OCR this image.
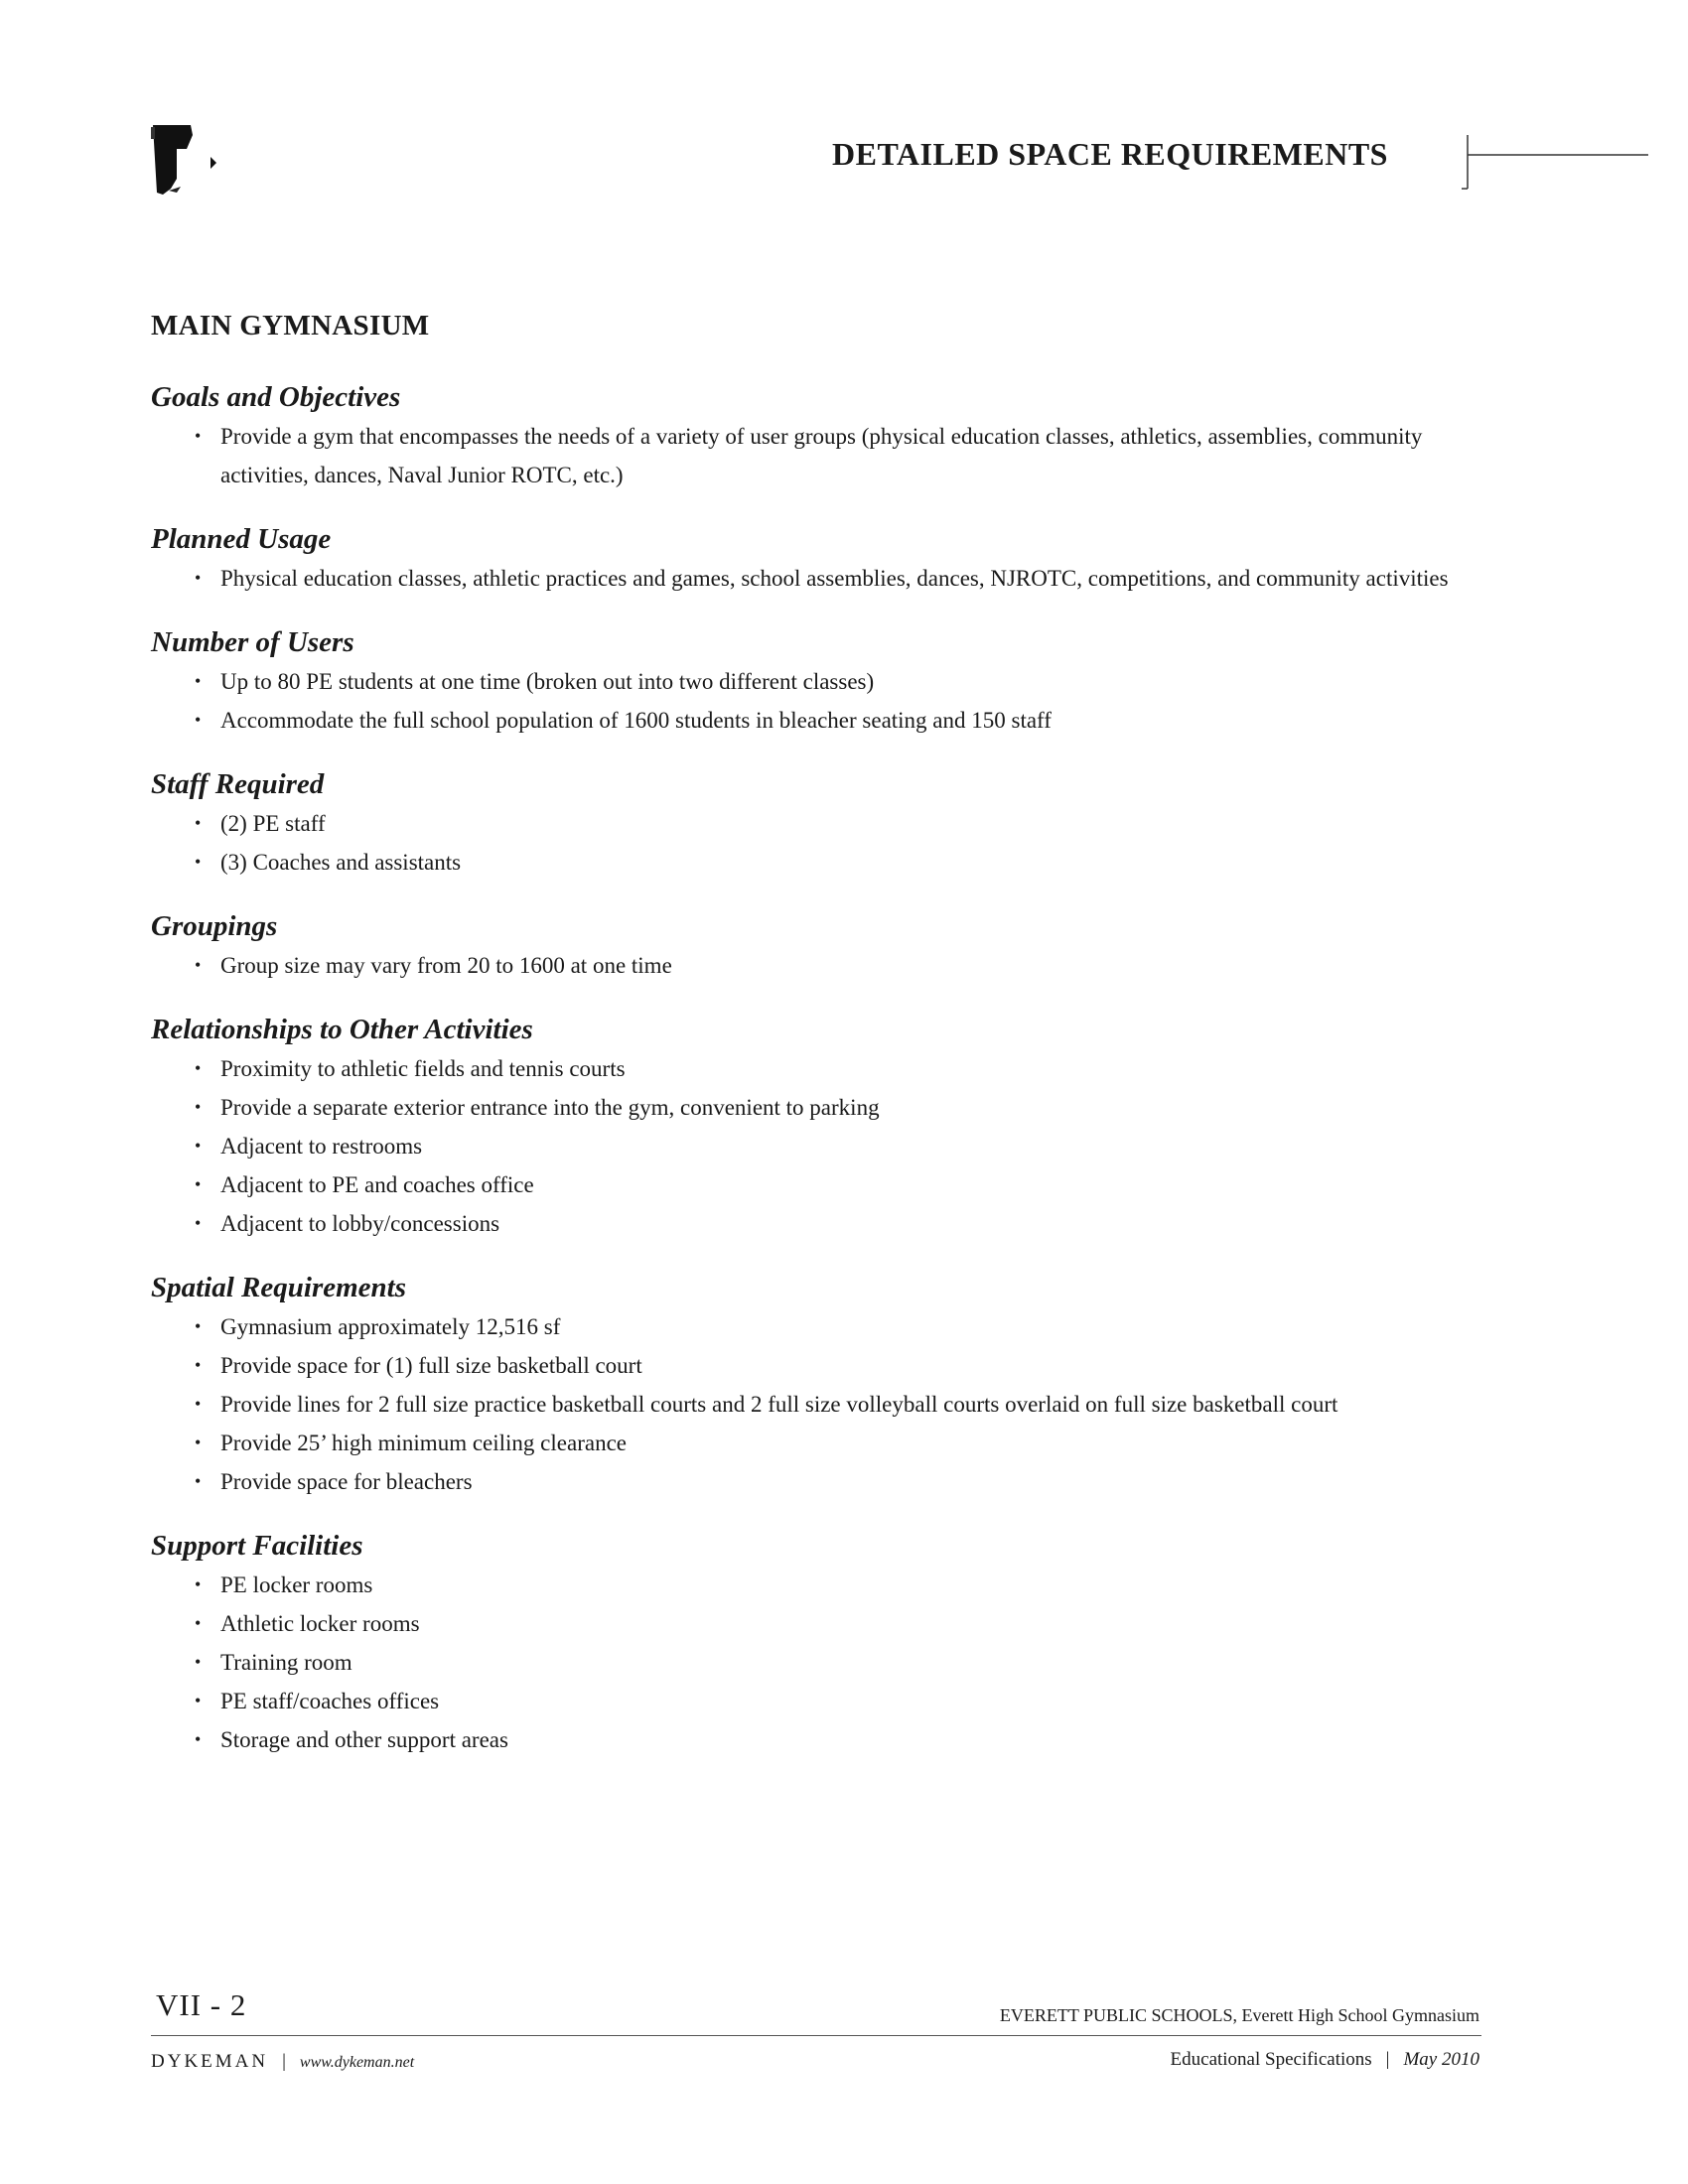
DETAILED SPACE REQUIREMENTS
MAIN GYMNASIUM
Goals and Objectives
• Provide a gym that encompasses the needs of a variety of user groups (physical education classes, athletics, assemblies, community activities, dances, Naval Junior ROTC, etc.)
Planned Usage
• Physical education classes, athletic practices and games, school assemblies, dances, NJROTC, competitions, and community activities
Number of Users
• Up to 80 PE students at one time (broken out into two different classes)
• Accommodate the full school population of 1600 students in bleacher seating and 150 staff
Staff Required
• (2) PE staff
• (3) Coaches and assistants
Groupings
• Group size may vary from 20 to 1600 at one time
Relationships to Other Activities
• Proximity to athletic fields and tennis courts
• Provide a separate exterior entrance into the gym, convenient to parking
• Adjacent to restrooms
• Adjacent to PE and coaches office
• Adjacent to lobby/concessions
Spatial Requirements
• Gymnasium approximately 12,516 sf
• Provide space for (1) full size basketball court
• Provide lines for 2 full size practice basketball courts and 2 full size volleyball courts overlaid on full size basketball court
• Provide 25’ high minimum ceiling clearance
• Provide space for bleachers
Support Facilities
• PE locker rooms
• Athletic locker rooms
• Training room
• PE staff/coaches offices
• Storage and other support areas
VII - 2	EVERETT PUBLIC SCHOOLS, Everett High School Gymnasium
DYKEMAN | www.dykeman.net	Educational Specifications | May 2010
